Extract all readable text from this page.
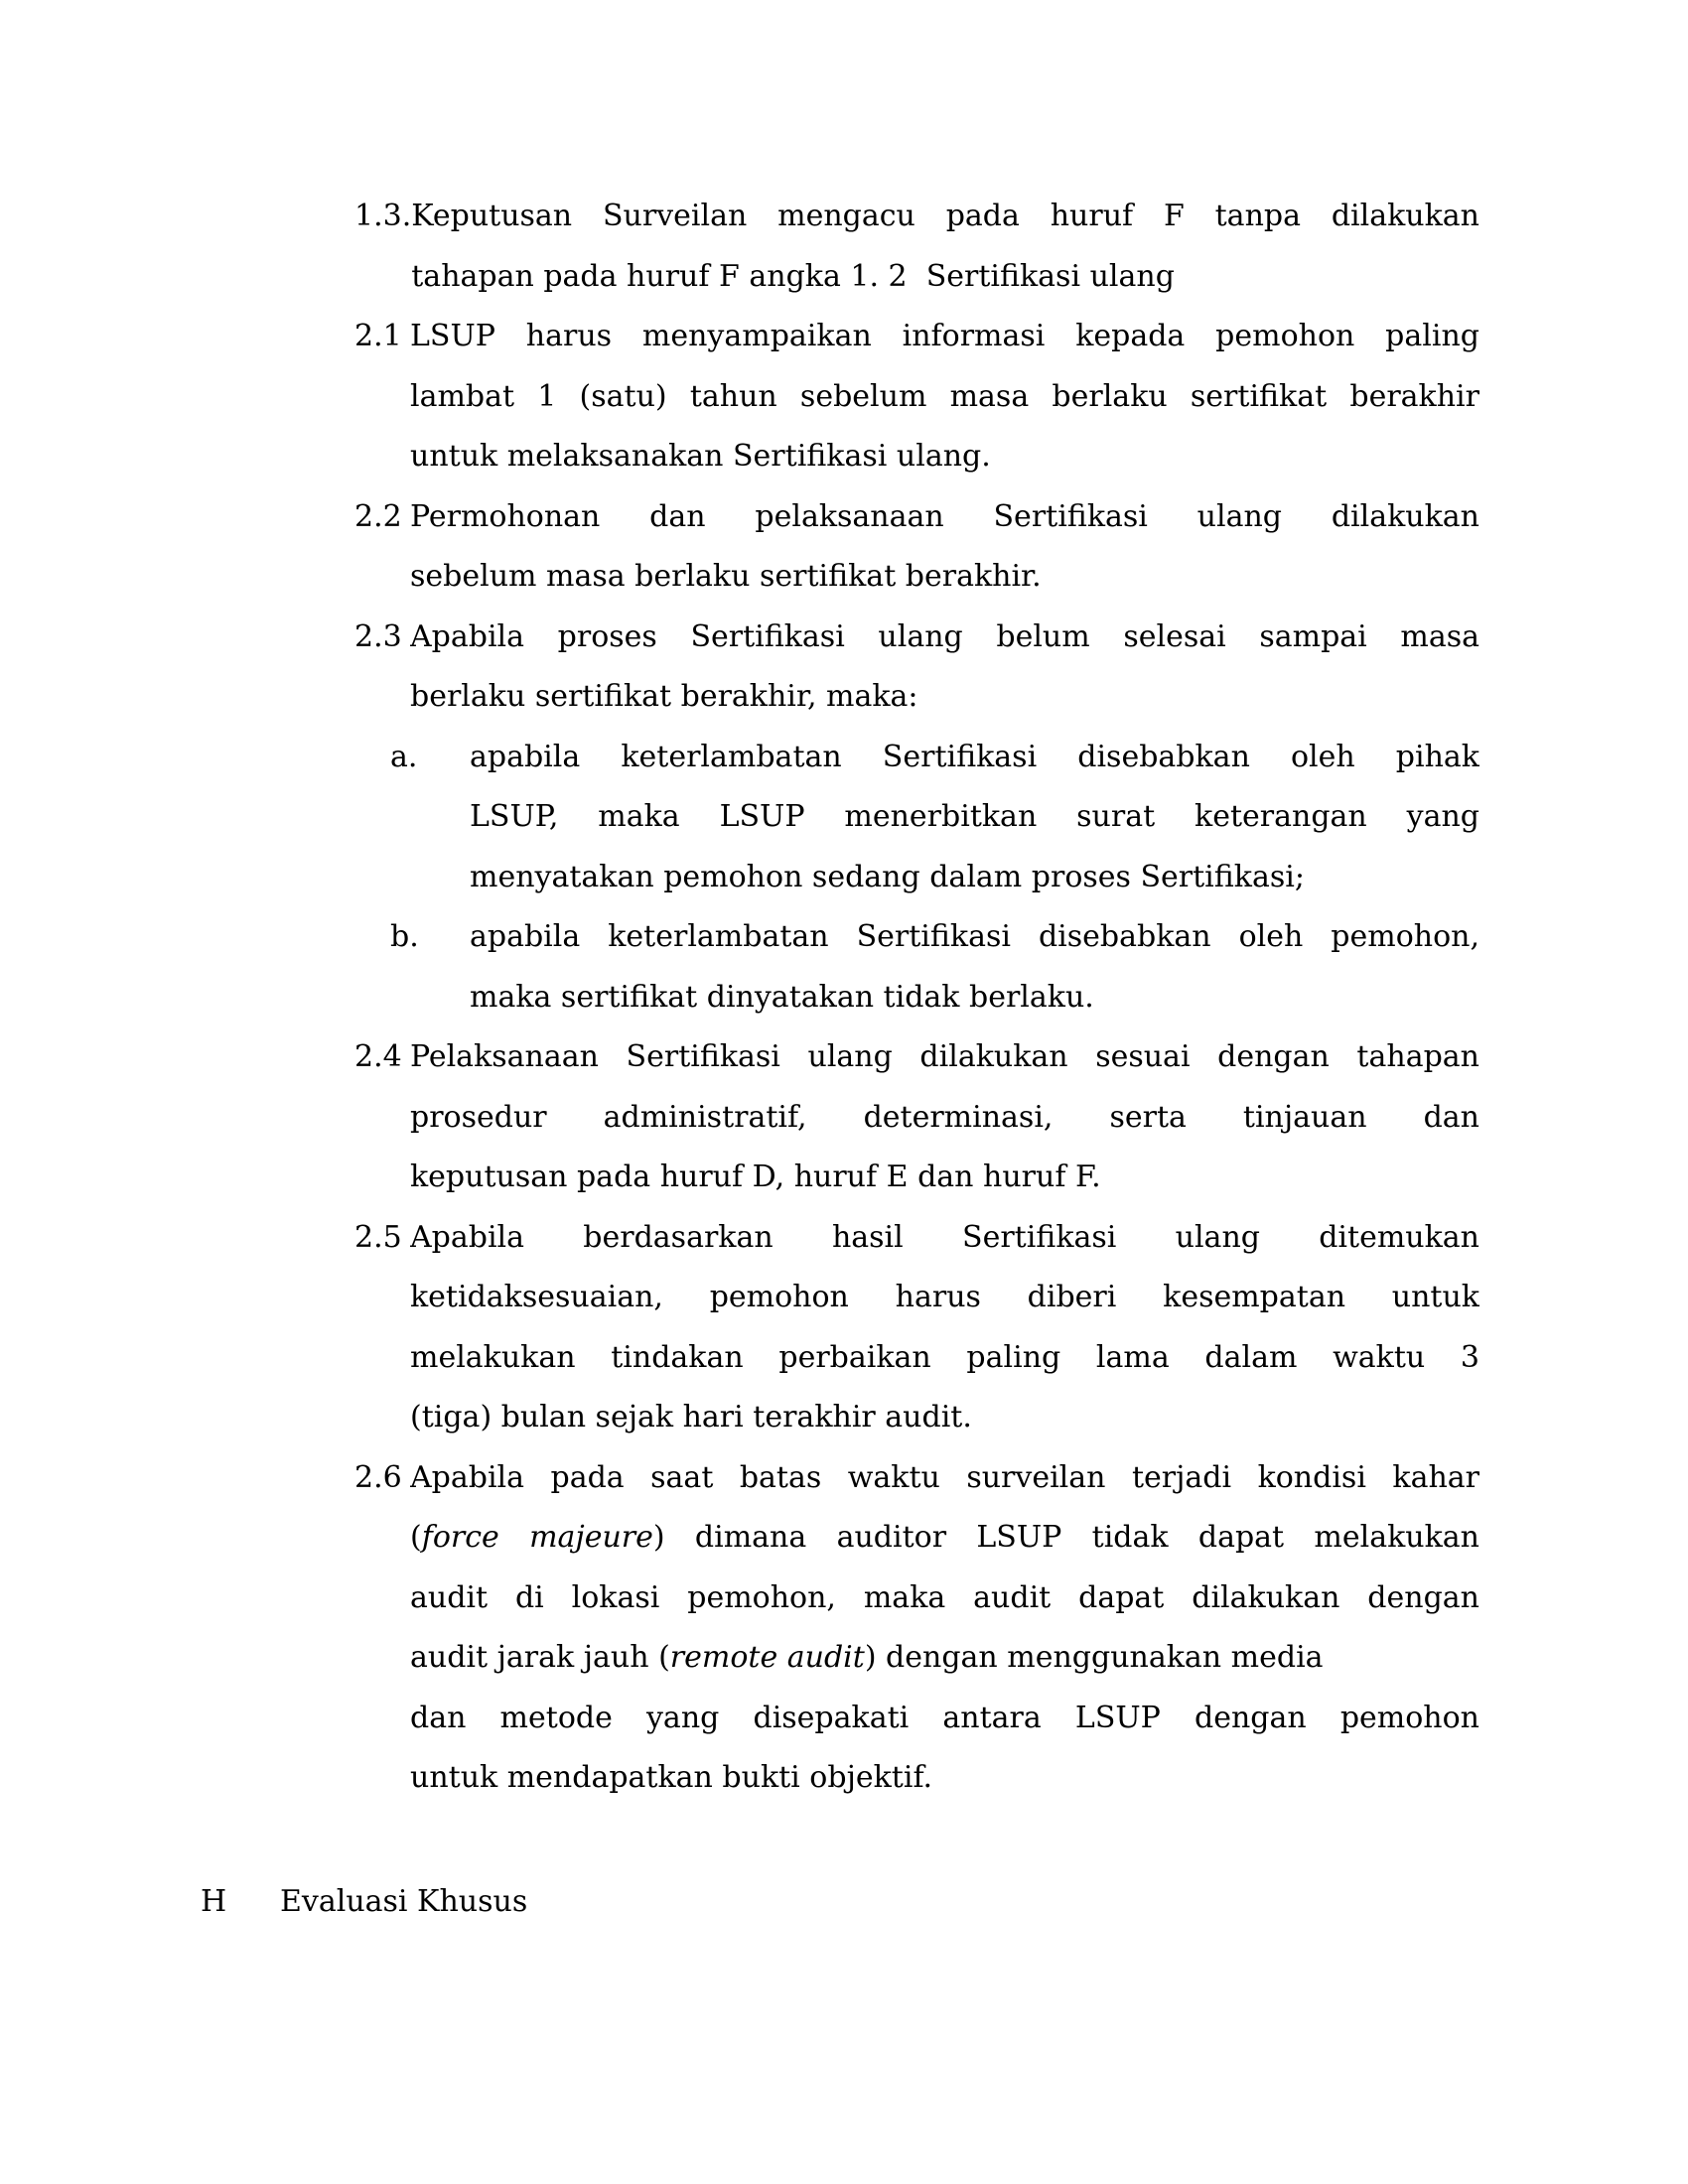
1.3. Keputusan Surveilan mengacu pada huruf F tanpa dilakukan
tahapan pada huruf F angka 1. 2  Sertifikasi ulang
2.1 LSUP harus menyampaikan informasi kepada pemohon paling
lambat 1 (satu) tahun sebelum masa berlaku sertifikat berakhir
untuk melaksanakan Sertifikasi ulang.
2.2 Permohonan dan pelaksanaan Sertifikasi ulang dilakukan
sebelum masa berlaku sertifikat berakhir.
2.3 Apabila proses Sertifikasi ulang belum selesai sampai masa
berlaku sertifikat berakhir, maka:
a.	apabila keterlambatan Sertifikasi disebabkan oleh pihak
LSUP, maka LSUP menerbitkan surat keterangan yang
menyatakan pemohon sedang dalam proses Sertifikasi;
b.	apabila keterlambatan Sertifikasi disebabkan oleh pemohon,
maka sertifikat dinyatakan tidak berlaku.
2.4 Pelaksanaan Sertifikasi ulang dilakukan sesuai dengan tahapan
prosedur administratif, determinasi, serta tinjauan dan
keputusan pada huruf D, huruf E dan huruf F.
2.5 Apabila berdasarkan hasil Sertifikasi ulang ditemukan
ketidaksesuaian, pemohon harus diberi kesempatan untuk
melakukan tindakan perbaikan paling lama dalam waktu 3
(tiga) bulan sejak hari terakhir audit.
2.6 Apabila pada saat batas waktu surveilan terjadi kondisi kahar
(force majeure) dimana auditor LSUP tidak dapat melakukan
audit di lokasi pemohon, maka audit dapat dilakukan dengan
audit jarak jauh (remote audit) dengan menggunakan media
dan metode yang disepakati antara LSUP dengan pemohon
untuk mendapatkan bukti objektif.
H	Evaluasi Khusus
